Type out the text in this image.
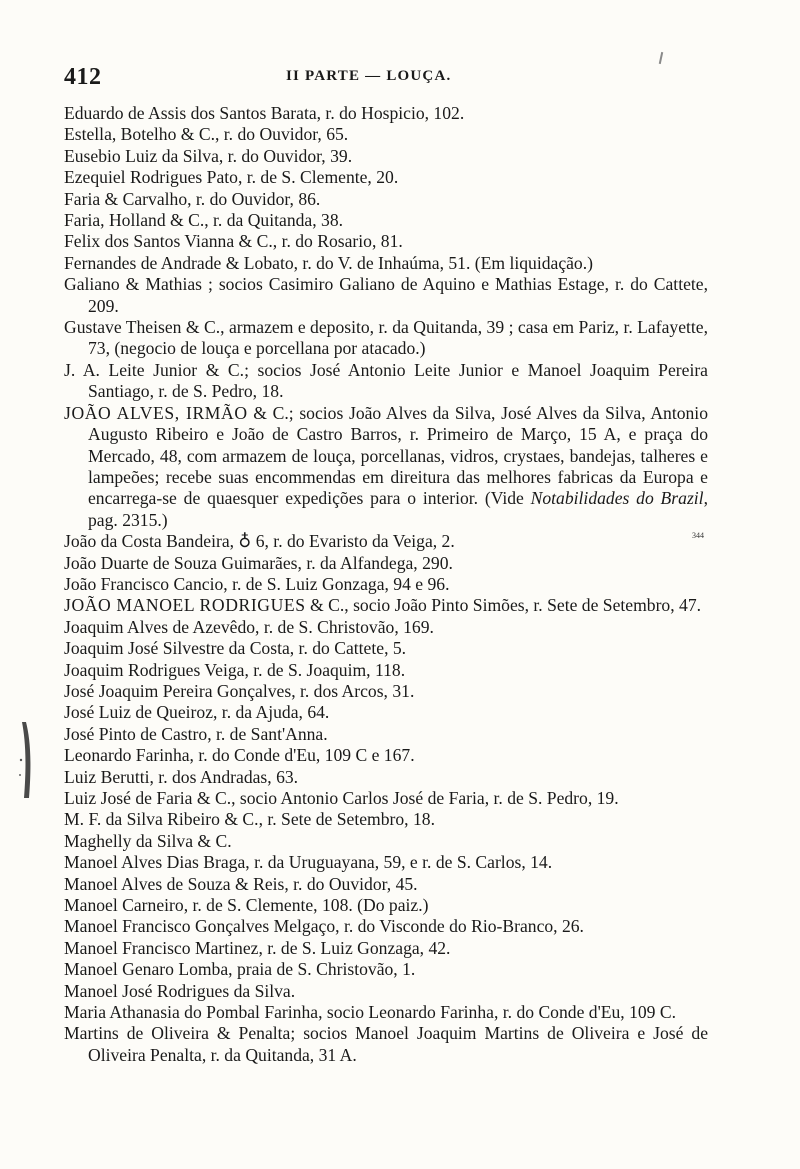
412	II PARTE — LOUÇA.

Eduardo de Assis dos Santos Barata, r. do Hospicio, 102.

Estella, Botelho & C., r. do Ouvidor, 65.

Eusebio Luiz da Silva, r. do Ouvidor, 39.

Ezequiel Rodrigues Pato, r. de S. Clemente, 20.

Faria & Carvalho, r. do Ouvidor, 86.

Faria, Holland & C., r. da Quitanda, 38.

Felix dos Santos Vianna & C., r. do Rosario, 81.

Fernandes de Andrade & Lobato, r. do V. de Inhaúma, 51. (Em liquidação.)

Galiano & Mathias ; socios Casimiro Galiano de Aquino e Mathias Estage, r. do Cattete, 209.

Gustave Theisen & C., armazem e deposito, r. da Quitanda, 39 ; casa em Pariz, r. Lafayette, 73, (negocio de louça e porcellana por atacado.)

J. A. Leite Junior & C.; socios José Antonio Leite Junior e Manoel Joaquim Pereira Santiago, r. de S. Pedro, 18.

JOÃO ALVES, IRMÃO & C.; socios João Alves da Silva, José Alves da Silva, Antonio Augusto Ribeiro e João de Castro Barros, r. Primeiro de Março, 15 A, e praça do Mercado, 48, com armazem de louça, porcellanas, vidros, crystaes, bandejas, talheres e lampeões; recebe suas encommendas em direitura das melhores fabricas da Europa e encarrega-se de quaesquer expedições para o interior. (Vide Notabilidades do Brazil, pag. 2315.)

João da Costa Bandeira, ♁ 6, r. do Evaristo da Veiga, 2.

João Duarte de Souza Guimarães, r. da Alfandega, 290.

João Francisco Cancio, r. de S. Luiz Gonzaga, 94 e 96.

JOÃO MANOEL RODRIGUES & C., socio João Pinto Simões, r. Sete de Setembro, 47.

Joaquim Alves de Azevêdo, r. de S. Christovão, 169.

Joaquim José Silvestre da Costa, r. do Cattete, 5.

Joaquim Rodrigues Veiga, r. de S. Joaquim, 118.

José Joaquim Pereira Gonçalves, r. dos Arcos, 31.

José Luiz de Queiroz, r. da Ajuda, 64.

José Pinto de Castro, r. de Sant'Anna.

Leonardo Farinha, r. do Conde d'Eu, 109 C e 167.

Luiz Berutti, r. dos Andradas, 63.

Luiz José de Faria & C., socio Antonio Carlos José de Faria, r. de S. Pedro, 19.

M. F. da Silva Ribeiro & C., r. Sete de Setembro, 18.

Maghelly da Silva & C.

Manoel Alves Dias Braga, r. da Uruguayana, 59, e r. de S. Carlos, 14.

Manoel Alves de Souza & Reis, r. do Ouvidor, 45.

Manoel Carneiro, r. de S. Clemente, 108. (Do paiz.)

Manoel Francisco Gonçalves Melgaço, r. do Visconde do Rio-Branco, 26.

Manoel Francisco Martinez, r. de S. Luiz Gonzaga, 42.

Manoel Genaro Lomba, praia de S. Christovão, 1.

Manoel José Rodrigues da Silva.

Maria Athanasia do Pombal Farinha, socio Leonardo Farinha, r. do Conde d'Eu, 109 C.

Martins de Oliveira & Penalta; socios Manoel Joaquim Martins de Oliveira e José de Oliveira Penalta, r. da Quitanda, 31 A.

344
